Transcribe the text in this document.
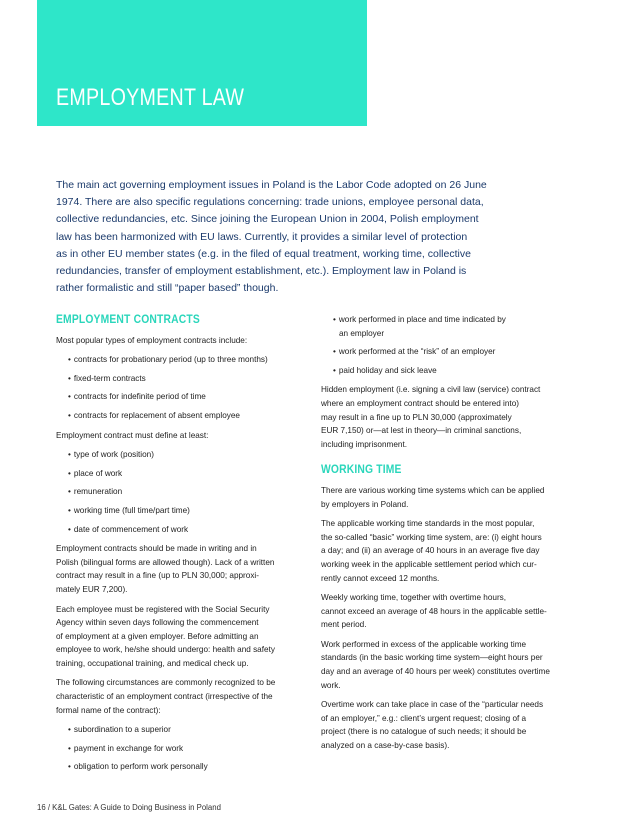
EMPLOYMENT LAW
The main act governing employment issues in Poland is the Labor Code adopted on 26 June
1974. There are also specific regulations concerning: trade unions, employee personal data,
collective redundancies, etc. Since joining the European Union in 2004, Polish employment
law has been harmonized with EU laws. Currently, it provides a similar level of protection
as in other EU member states (e.g. in the filed of equal treatment, working time, collective
redundancies, transfer of employment establishment, etc.). Employment law in Poland is
rather formalistic and still “paper based” though.
EMPLOYMENT CONTRACTS
Most popular types of employment contracts include:
• contracts for probationary period (up to three months)
• fixed-term contracts
• contracts for indefinite period of time
• contracts for replacement of absent employee
Employment contract must define at least:
• type of work (position)
• place of work
• remuneration
• working time (full time/part time)
• date of commencement of work
Employment contracts should be made in writing and in
Polish (bilingual forms are allowed though). Lack of a written
contract may result in a fine (up to PLN 30,000; approxi-
mately EUR 7,200).
Each employee must be registered with the Social Security
Agency within seven days following the commencement
of employment at a given employer. Before admitting an
employee to work, he/she should undergo: health and safety
training, occupational training, and medical check up.
The following circumstances are commonly recognized to be
characteristic of an employment contract (irrespective of the
formal name of the contract):
• subordination to a superior
• payment in exchange for work
• obligation to perform work personally
• work performed in place and time indicated by
an employer
• work performed at the “risk” of an employer
• paid holiday and sick leave
Hidden employment (i.e. signing a civil law (service) contract
where an employment contract should be entered into)
may result in a fine up to PLN 30,000 (approximately
EUR 7,150) or—at lest in theory—in criminal sanctions,
including imprisonment.
WORKING TIME
There are various working time systems which can be applied
by employers in Poland.
The applicable working time standards in the most popular,
the so-called “basic” working time system, are: (i) eight hours
a day; and (ii) an average of 40 hours in an average five day
working week in the applicable settlement period which cur-
rently cannot exceed 12 months.
Weekly working time, together with overtime hours,
cannot exceed an average of 48 hours in the applicable settle-
ment period.
Work performed in excess of the applicable working time
standards (in the basic working time system—eight hours per
day and an average of 40 hours per week) constitutes overtime
work.
Overtime work can take place in case of the “particular needs
of an employer,” e.g.: client’s urgent request; closing of a
project (there is no catalogue of such needs; it should be
analyzed on a case-by-case basis).
16 / K&L Gates: A Guide to Doing Business in Poland
